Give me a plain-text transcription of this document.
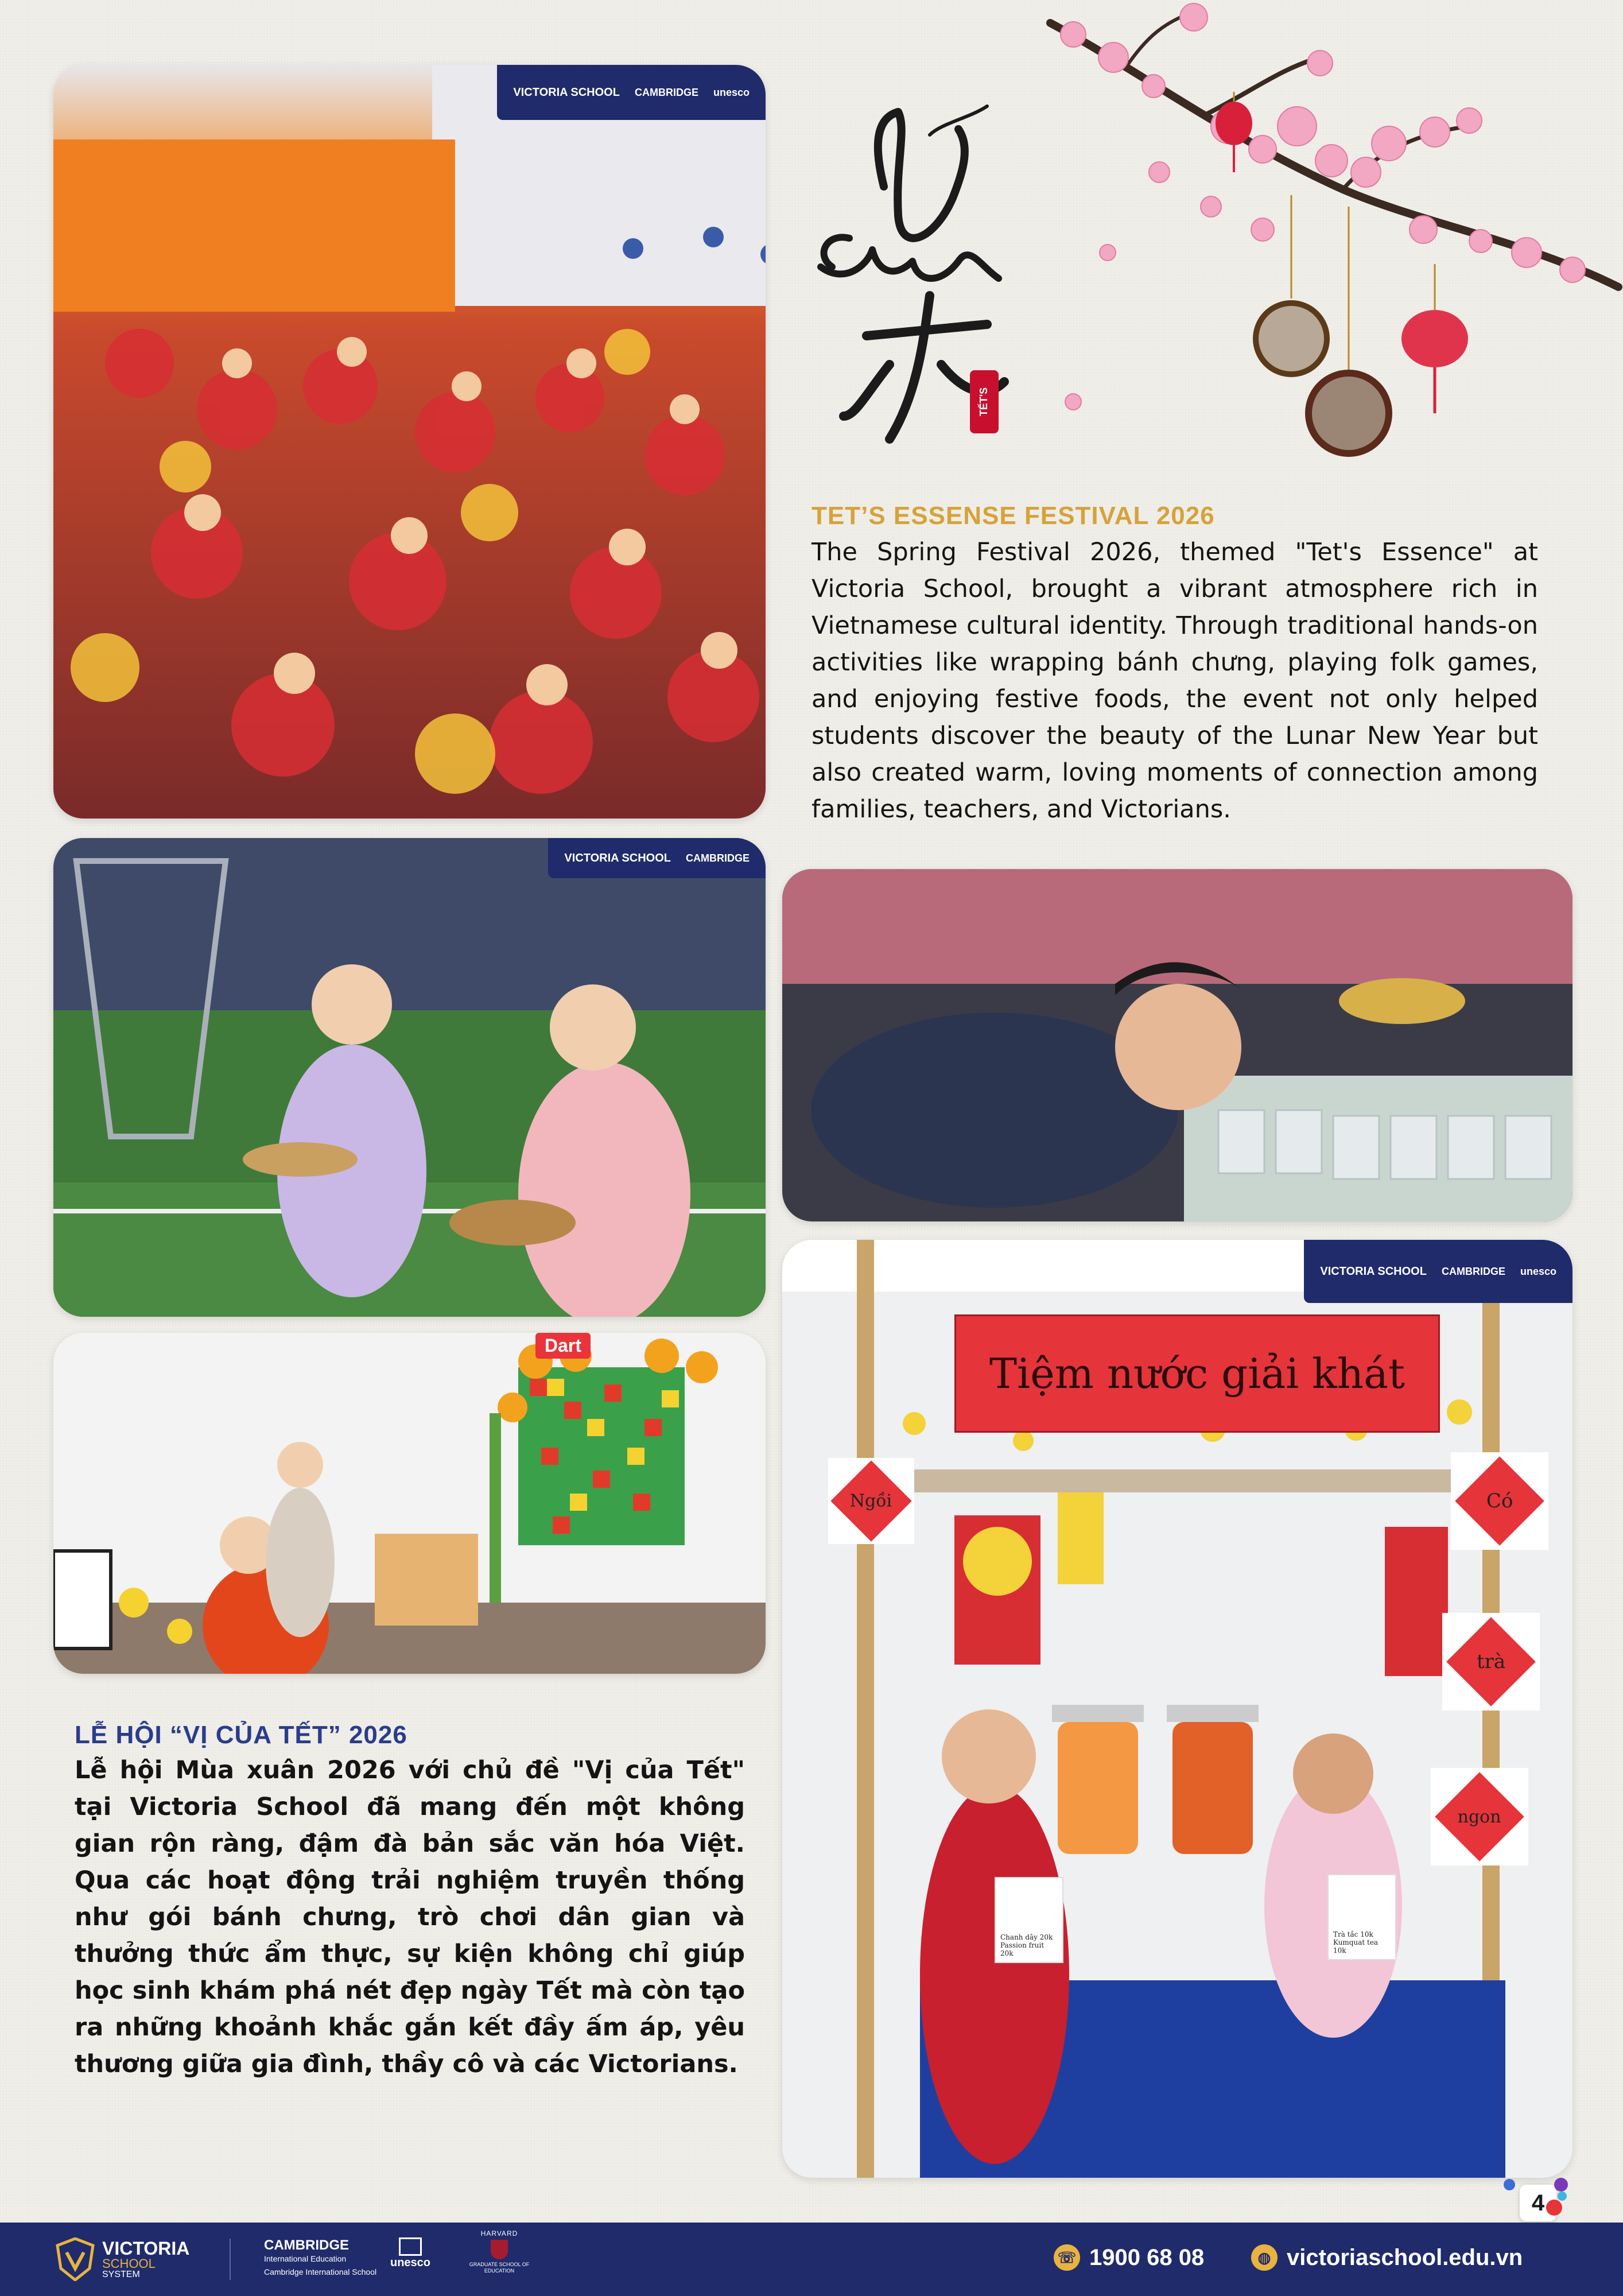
TẾT'S
VICTORIA SCHOOL CAMBRIDGE unesco
TET’S ESSENSE FESTIVAL 2026

The Spring Festival 2026, themed "Tet's Essence" at Victoria School, brought a vibrant atmosphere rich in Vietnamese cultural identity. Through traditional hands-on activities like wrapping bánh chưng, playing folk games, and enjoying festive foods, the event not only helped students discover the beauty of the Lunar New Year but also created warm, loving moments of connection among families, teachers, and Victorians.

VICTORIA SCHOOL CAMBRIDGE
Dart
Tiệm nước giải khát
VICTORIA SCHOOL CAMBRIDGE unesco
Ngồi	Có
trà
ngon
Chanh dây 20k
Passion fruit 20k
Trà tắc 10k
Kumquat tea 10k
LỄ HỘI “VỊ CỦA TẾT” 2026

Lễ hội Mùa xuân 2026 với chủ đề "Vị của Tết" tại Victoria School đã mang đến một không gian rộn ràng, đậm đà bản sắc văn hóa Việt. Qua các hoạt động trải nghiệm truyền thống như gói bánh chưng, trò chơi dân gian và thưởng thức ẩm thực, sự kiện không chỉ giúp học sinh khám phá nét đẹp ngày Tết mà còn tạo ra những khoảnh khắc gắn kết đầy ấm áp, yêu thương giữa gia đình, thầy cô và các Victorians.

4
VICTORIA
SCHOOL
SYSTEM
CAMBRIDGE
International Education
Cambridge International School
unesco
HARVARD
GRADUATE SCHOOL OF EDUCATION
☏ 1900 68 08	◍ victoriaschool.edu.vn
